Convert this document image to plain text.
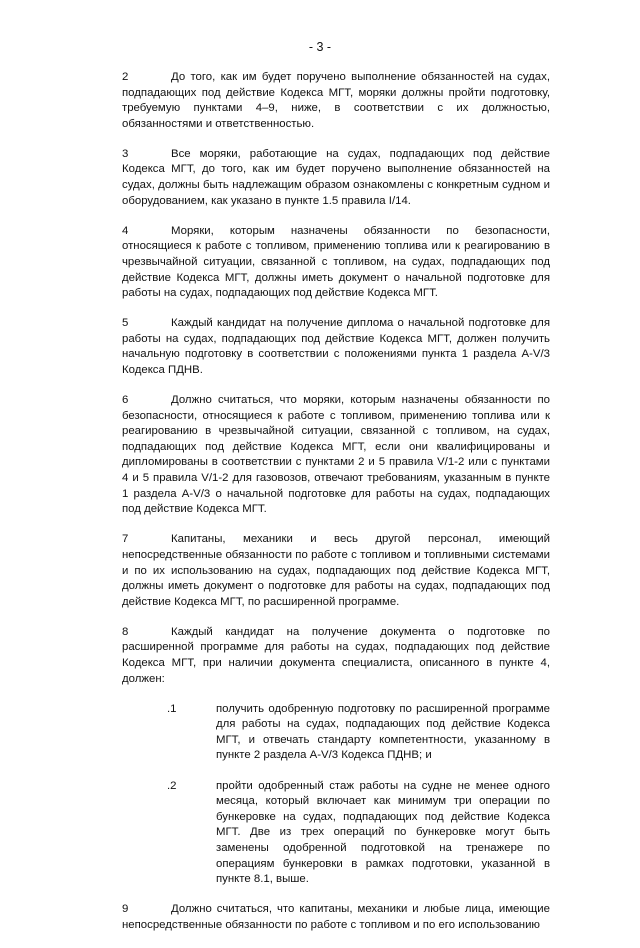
- 3 -

2	До того, как им будет поручено выполнение обязанностей на судах, подпадающих под действие Кодекса МГТ, моряки должны пройти подготовку, требуемую пунктами 4–9, ниже, в соответствии с их должностью, обязанностями и ответственностью.

3	Все моряки, работающие на судах, подпадающих под действие Кодекса МГТ, до того, как им будет поручено выполнение обязанностей на судах, должны быть надлежащим образом ознакомлены с конкретным судном и оборудованием, как указано в пункте 1.5 правила I/14.

4	Моряки, которым назначены обязанности по безопасности, относящиеся к работе с топливом, применению топлива или к реагированию в чрезвычайной ситуации, связанной с топливом, на судах, подпадающих под действие Кодекса МГТ, должны иметь документ о начальной подготовке для работы на судах, подпадающих под действие Кодекса МГТ.

5	Каждый кандидат на получение диплома о начальной подготовке для работы на судах, подпадающих под действие Кодекса МГТ, должен получить начальную подготовку в соответствии с положениями пункта 1 раздела A-V/3 Кодекса ПДНВ.

6	Должно считаться, что моряки, которым назначены обязанности по безопасности, относящиеся к работе с топливом, применению топлива или к реагированию в чрезвычайной ситуации, связанной с топливом, на судах, подпадающих под действие Кодекса МГТ, если они квалифицированы и дипломированы в соответствии с пунктами 2 и 5 правила V/1-2 или с пунктами 4 и 5 правила V/1-2 для газовозов, отвечают требованиям, указанным в пункте 1 раздела A-V/3 о начальной подготовке для работы на судах, подпадающих под действие Кодекса МГТ.

7	Капитаны, механики и весь другой персонал, имеющий непосредственные обязанности по работе с топливом и топливными системами и по их использованию на судах, подпадающих под действие Кодекса МГТ, должны иметь документ о подготовке для работы на судах, подпадающих под действие Кодекса МГТ, по расширенной программе.

8	Каждый кандидат на получение документа о подготовке по расширенной программе для работы на судах, подпадающих под действие Кодекса МГТ, при наличии документа специалиста, описанного в пункте 4, должен:

.1	получить одобренную подготовку по расширенной программе для работы на судах, подпадающих под действие Кодекса МГТ, и отвечать стандарту компетентности, указанному в пункте 2 раздела A-V/3 Кодекса ПДНВ; и
.2	пройти одобренный стаж работы на судне не менее одного месяца, который включает как минимум три операции по бункеровке на судах, подпадающих под действие Кодекса МГТ. Две из трех операций по бункеровке могут быть заменены одобренной подготовкой на тренажере по операциям бункеровки в рамках подготовки, указанной в пункте 8.1, выше.

9	Должно считаться, что капитаны, механики и любые лица, имеющие непосредственные обязанности по работе с топливом и по его использованию
